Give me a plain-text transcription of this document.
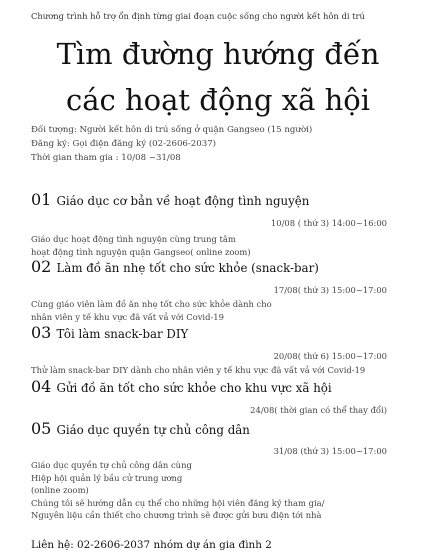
Chương trình hỗ trợ ổn định từng giai đoạn cuộc sống cho người kết hôn di trú
Tìm đường hướng đến
các hoạt động xã hội
Đối tượng: Người kết hôn di trú sống ở quận Gangseo (15 người)
Đăng ký: Gọi điện đăng ký (02-2606-2037)
Thời gian tham gia : 10/08 ~31/08
01 Giáo dục cơ bản về hoạt động tình nguyện
10/08 ( thứ 3) 14:00~16:00
Giáo dục hoạt động tình nguyện cùng trung tâm
hoạt động tình nguyện quận Gangseo( online zoom)
02 Làm đồ ăn nhẹ tốt cho sức khỏe (snack-bar)
17/08( thứ 3) 15:00~17:00
Cùng giáo viên làm đồ ăn nhẹ tốt cho sức khỏe dành cho
nhân viên y tế khu vực đã vất vả với Covid-19
03 Tôi làm snack-bar DIY
20/08( thứ 6) 15:00~17:00
Thử làm snack-bar DIY dành cho nhân viên y tế khu vực đã vất vả với Covid-19
04 Gửi đồ ăn tốt cho sức khỏe cho khu vực xã hội
24/08( thời gian có thể thay đổi)
05 Giáo dục quyền tự chủ công dân
31/08 (thứ 3) 15:00~17:00
Giáo dục quyền tự chủ công dân cùng
Hiệp hội quản lý bầu cử trung ương
(online zoom)
Chúng tôi sẽ hướng dẫn cụ thể cho những hội viên đăng ký tham gia/
Nguyên liệu cần thiết cho chương trình sẽ được gửi bưu điện tới nhà
Liên hệ: 02-2606-2037 nhóm dự án gia đình 2
